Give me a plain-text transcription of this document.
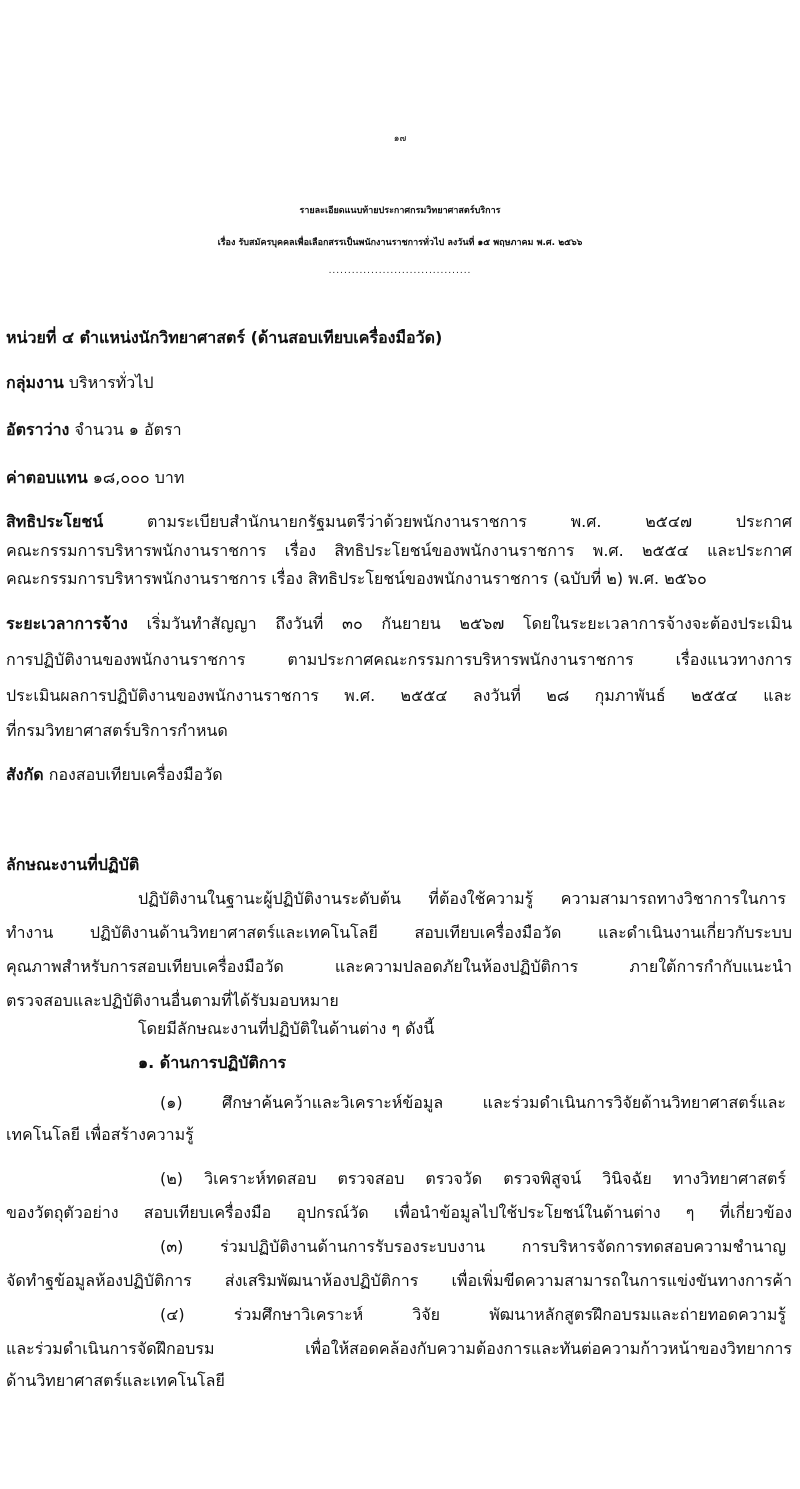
๑๗
รายละเอียดแนบท้ายประกาศกรมวิทยาศาสตร์บริการ
เรื่อง รับสมัครบุคคลเพื่อเลือกสรรเป็นพนักงานราชการทั่วไป ลงวันที่ ๑๕ พฤษภาคม พ.ศ. ๒๕๖๖
.....................................
หน่วยที่ ๔ ตำแหน่งนักวิทยาศาสตร์ (ด้านสอบเทียบเครื่องมือวัด)
กลุ่มงาน บริหารทั่วไป
อัตราว่าง จำนวน ๑ อัตรา
ค่าตอบแทน ๑๘,๐๐๐ บาท
สิทธิประโยชน์	ตามระเบียบสำนักนายกรัฐมนตรีว่าด้วยพนักงานราชการ พ.ศ. ๒๕๔๗ ประกาศ
คณะกรรมการบริหารพนักงานราชการ เรื่อง สิทธิประโยชน์ของพนักงานราชการ พ.ศ. ๒๕๕๔ และประกาศ
คณะกรรมการบริหารพนักงานราชการ เรื่อง สิทธิประโยชน์ของพนักงานราชการ (ฉบับที่ ๒) พ.ศ. ๒๕๖๐
ระยะเวลาการจ้าง เริ่มวันทำสัญญา ถึงวันที่ ๓๐ กันยายน ๒๕๖๗ โดยในระยะเวลาการจ้างจะต้องประเมิน
การปฏิบัติงานของพนักงานราชการ ตามประกาศคณะกรรมการบริหารพนักงานราชการ เรื่องแนวทางการ
ประเมินผลการปฏิบัติงานของพนักงานราชการ พ.ศ. ๒๕๕๔ ลงวันที่ ๒๘ กุมภาพันธ์ ๒๕๕๔ และ
ที่กรมวิทยาศาสตร์บริการกำหนด
สังกัด กองสอบเทียบเครื่องมือวัด
ลักษณะงานที่ปฏิบัติ
ปฏิบัติงานในฐานะผู้ปฏิบัติงานระดับต้น ที่ต้องใช้ความรู้ ความสามารถทางวิชาการในการ
ทำงาน ปฏิบัติงานด้านวิทยาศาสตร์และเทคโนโลยี สอบเทียบเครื่องมือวัด และดำเนินงานเกี่ยวกับระบบ
คุณภาพสำหรับการสอบเทียบเครื่องมือวัด และความปลอดภัยในห้องปฏิบัติการ ภายใต้การกำกับแนะนำ
ตรวจสอบและปฏิบัติงานอื่นตามที่ได้รับมอบหมาย
โดยมีลักษณะงานที่ปฏิบัติในด้านต่าง ๆ ดังนี้
๑. ด้านการปฏิบัติการ
(๑) ศึกษาค้นคว้าและวิเคราะห์ข้อมูล และร่วมดำเนินการวิจัยด้านวิทยาศาสตร์และ
เทคโนโลยี เพื่อสร้างความรู้
(๒) วิเคราะห์ทดสอบ ตรวจสอบ ตรวจวัด ตรวจพิสูจน์ วินิจฉัย ทางวิทยาศาสตร์
ของวัตถุตัวอย่าง สอบเทียบเครื่องมือ อุปกรณ์วัด เพื่อนำข้อมูลไปใช้ประโยชน์ในด้านต่าง ๆ ที่เกี่ยวข้อง
(๓) ร่วมปฏิบัติงานด้านการรับรองระบบงาน การบริหารจัดการทดสอบความชำนาญ
จัดทำฐข้อมูลห้องปฏิบัติการ ส่งเสริมพัฒนาห้องปฏิบัติการ เพื่อเพิ่มขีดความสามารถในการแข่งขันทางการค้า
(๔) ร่วมศึกษาวิเคราะห์ วิจัย พัฒนาหลักสูตรฝึกอบรมและถ่ายทอดความรู้
และร่วมดำเนินการจัดฝึกอบรม เพื่อให้สอดคล้องกับความต้องการและทันต่อความก้าวหน้าของวิทยาการ
ด้านวิทยาศาสตร์และเทคโนโลยี
